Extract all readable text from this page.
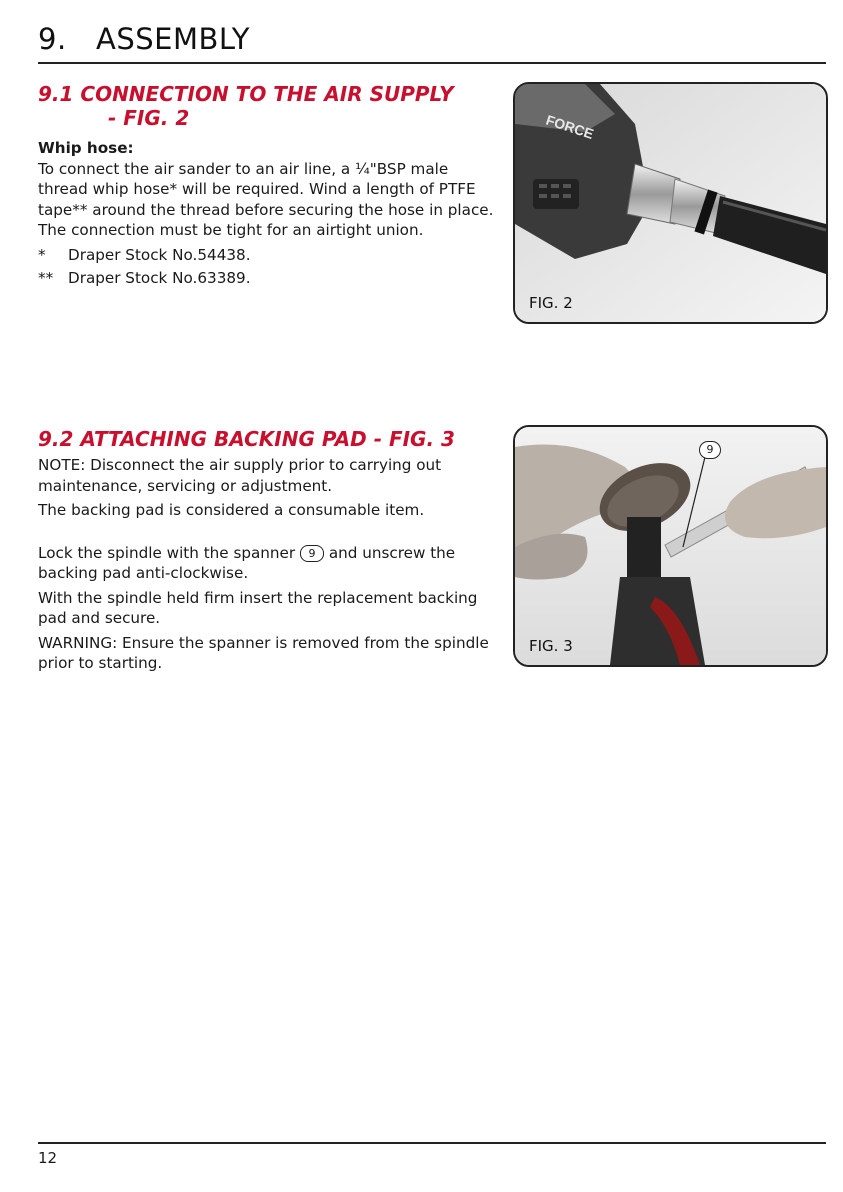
9. ASSEMBLY
9.1 CONNECTION TO THE AIR SUPPLY
- FIG. 2

Whip hose:

To connect the air sander to an air line, a ¼"BSP male thread whip hose* will be required. Wind a length of PTFE tape** around the thread before securing the hose in place. The connection must be tight for an airtight union.

*	Draper Stock No.54438.
** Draper Stock No.63389.
FORCE
FIG. 2
9.2 ATTACHING BACKING PAD - FIG. 3

NOTE: Disconnect the air supply prior to carrying out maintenance, servicing or adjustment.

The backing pad is considered a consumable item.

Lock the spindle with the spanner 9 and unscrew the backing pad anti-clockwise.

With the spindle held firm insert the replacement backing pad and secure.

WARNING: Ensure the spanner is removed from the spindle prior to starting.

9
FIG. 3
12
